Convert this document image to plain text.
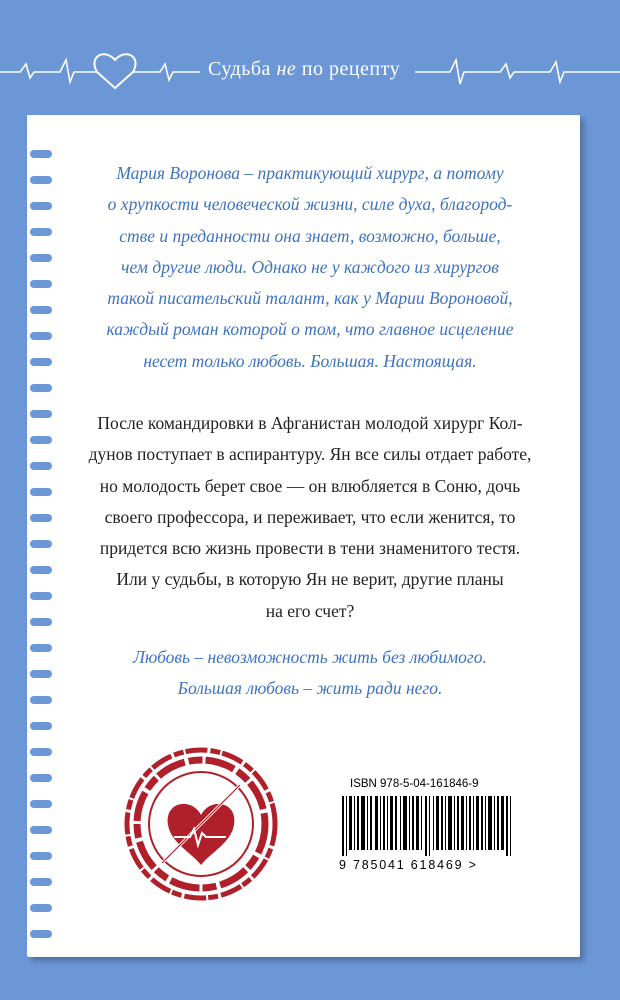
Судьба не по рецепту
Мария Воронова – практикующий хирург, а потому
о хрупкости человеческой жизни, силе духа, благород-
стве и преданности она знает, возможно, больше,
чем другие люди. Однако не у каждого из хирургов
такой писательский талант, как у Марии Вороновой,
каждый роман которой о том, что главное исцеление
несет только любовь. Большая. Настоящая.
После командировки в Афганистан молодой хирург Кол-
дунов поступает в аспирантуру. Ян все силы отдает работе,
но молодость берет свое — он влюбляется в Соню, дочь
своего профессора, и переживает, что если женится, то
придется всю жизнь провести в тени знаменитого тестя.
Или у судьбы, в которую Ян не верит, другие планы
на его счет?
Любовь – невозможность жить без любимого.
Большая любовь – жить ради него.
ISBN 978-5-04-161846-9
9 785041 618469 >
